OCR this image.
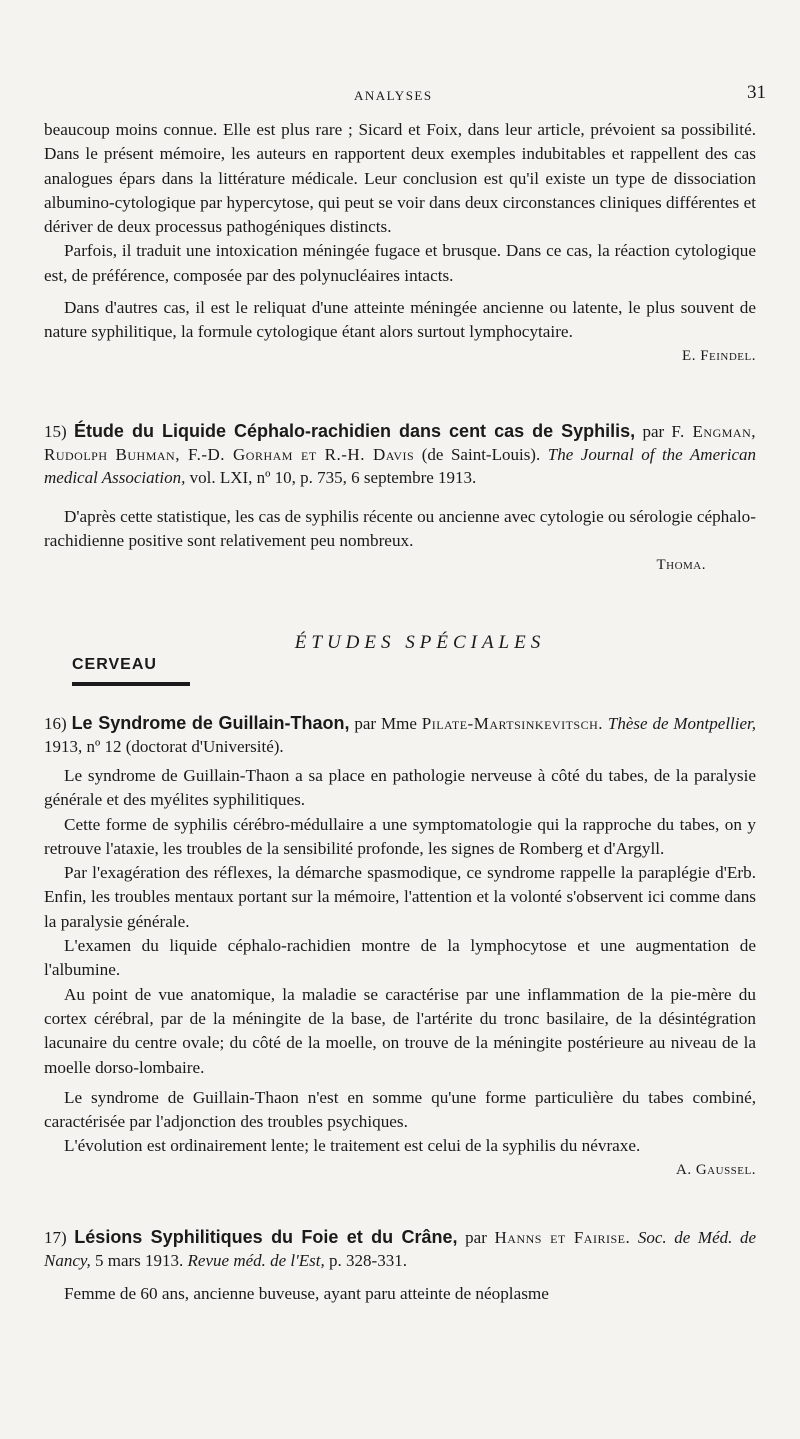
ANALYSES	31

beaucoup moins connue. Elle est plus rare ; Sicard et Foix, dans leur article, prévoient sa possibilité. Dans le présent mémoire, les auteurs en rapportent deux exemples indubitables et rappellent des cas analogues épars dans la littérature médicale. Leur conclusion est qu'il existe un type de dissociation albumino-cytologique par hypercytose, qui peut se voir dans deux circonstances cliniques différentes et dériver de deux processus pathogéniques distincts.

Parfois, il traduit une intoxication méningée fugace et brusque. Dans ce cas, la réaction cytologique est, de préférence, composée par des polynucléaires intacts.

Dans d'autres cas, il est le reliquat d'une atteinte méningée ancienne ou latente, le plus souvent de nature syphilitique, la formule cytologique étant alors surtout lymphocytaire.

E. Feindel.

15) Étude du Liquide Céphalo-rachidien dans cent cas de Syphilis, par F. Engman, Rudolph Buhman, F.-D. Gorham et R.-H. Davis (de Saint-Louis). The Journal of the American medical Association, vol. LXI, nº 10, p. 735, 6 septembre 1913.

D'après cette statistique, les cas de syphilis récente ou ancienne avec cytologie ou sérologie céphalo-rachidienne positive sont relativement peu nombreux.

Thoma.
ÉTUDES SPÉCIALES
CERVEAU

16) Le Syndrome de Guillain-Thaon, par Mme Pilate-Martsinkevitsch. Thèse de Montpellier, 1913, nº 12 (doctorat d'Université).

Le syndrome de Guillain-Thaon a sa place en pathologie nerveuse à côté du tabes, de la paralysie générale et des myélites syphilitiques.

Cette forme de syphilis cérébro-médullaire a une symptomatologie qui la rapproche du tabes, on y retrouve l'ataxie, les troubles de la sensibilité profonde, les signes de Romberg et d'Argyll.

Par l'exagération des réflexes, la démarche spasmodique, ce syndrome rappelle la paraplégie d'Erb. Enfin, les troubles mentaux portant sur la mémoire, l'attention et la volonté s'observent ici comme dans la paralysie générale.

L'examen du liquide céphalo-rachidien montre de la lymphocytose et une augmentation de l'albumine.

Au point de vue anatomique, la maladie se caractérise par une inflammation de la pie-mère du cortex cérébral, par de la méningite de la base, de l'artérite du tronc basilaire, de la désintégration lacunaire du centre ovale; du côté de la moelle, on trouve de la méningite postérieure au niveau de la moelle dorso-lombaire.

Le syndrome de Guillain-Thaon n'est en somme qu'une forme particulière du tabes combiné, caractérisée par l'adjonction des troubles psychiques.

L'évolution est ordinairement lente; le traitement est celui de la syphilis du névraxe.

A. Gaussel.

17) Lésions Syphilitiques du Foie et du Crâne, par Hanns et Fairise. Soc. de Méd. de Nancy, 5 mars 1913. Revue méd. de l'Est, p. 328-331.

Femme de 60 ans, ancienne buveuse, ayant paru atteinte de néoplasme
